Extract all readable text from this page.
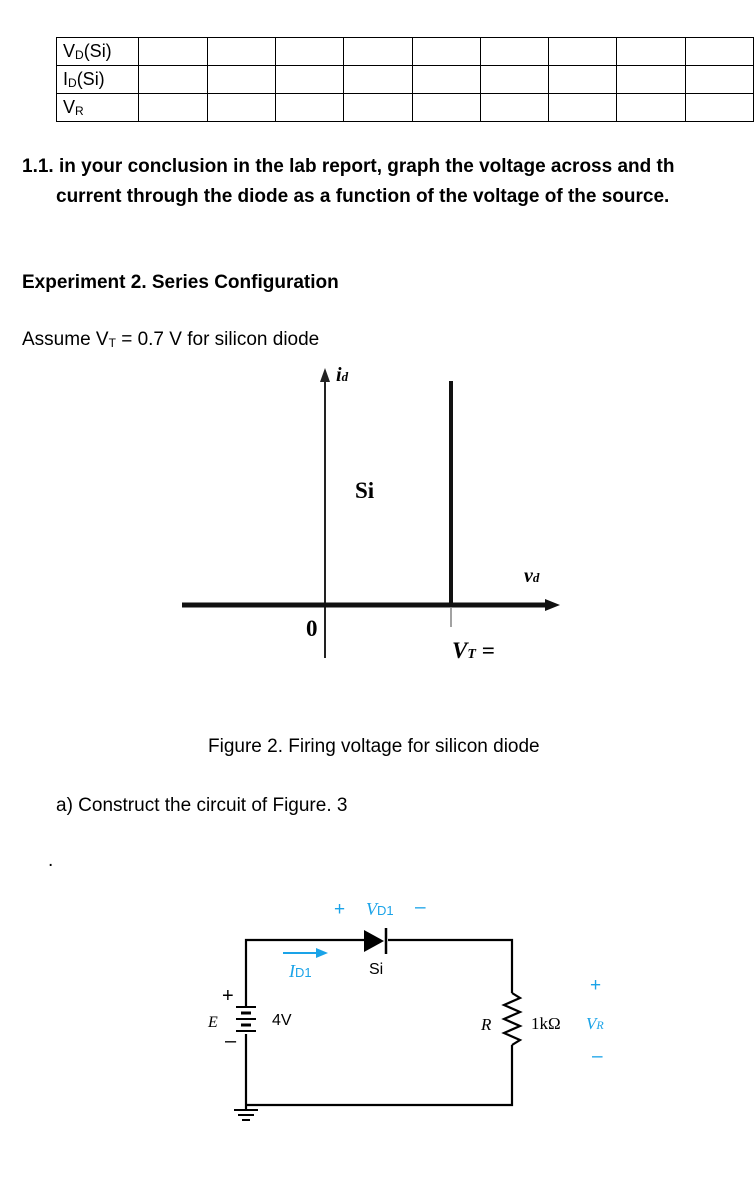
VD(Si)									
ID(Si)									
VR									
1.1. in your conclusion in the lab report, graph the voltage across and th
current through the diode as a function of the voltage of the source.
Experiment 2. Series Configuration
Assume VT = 0.7 V for silicon diode
id
Si
vd
0
VT =
Figure 2. Firing voltage for silicon diode
a) Construct the circuit of Figure. 3
.
+ VD1 –
Si
ID1
+
E	4V
–
R 1kΩ
+
VR
–
